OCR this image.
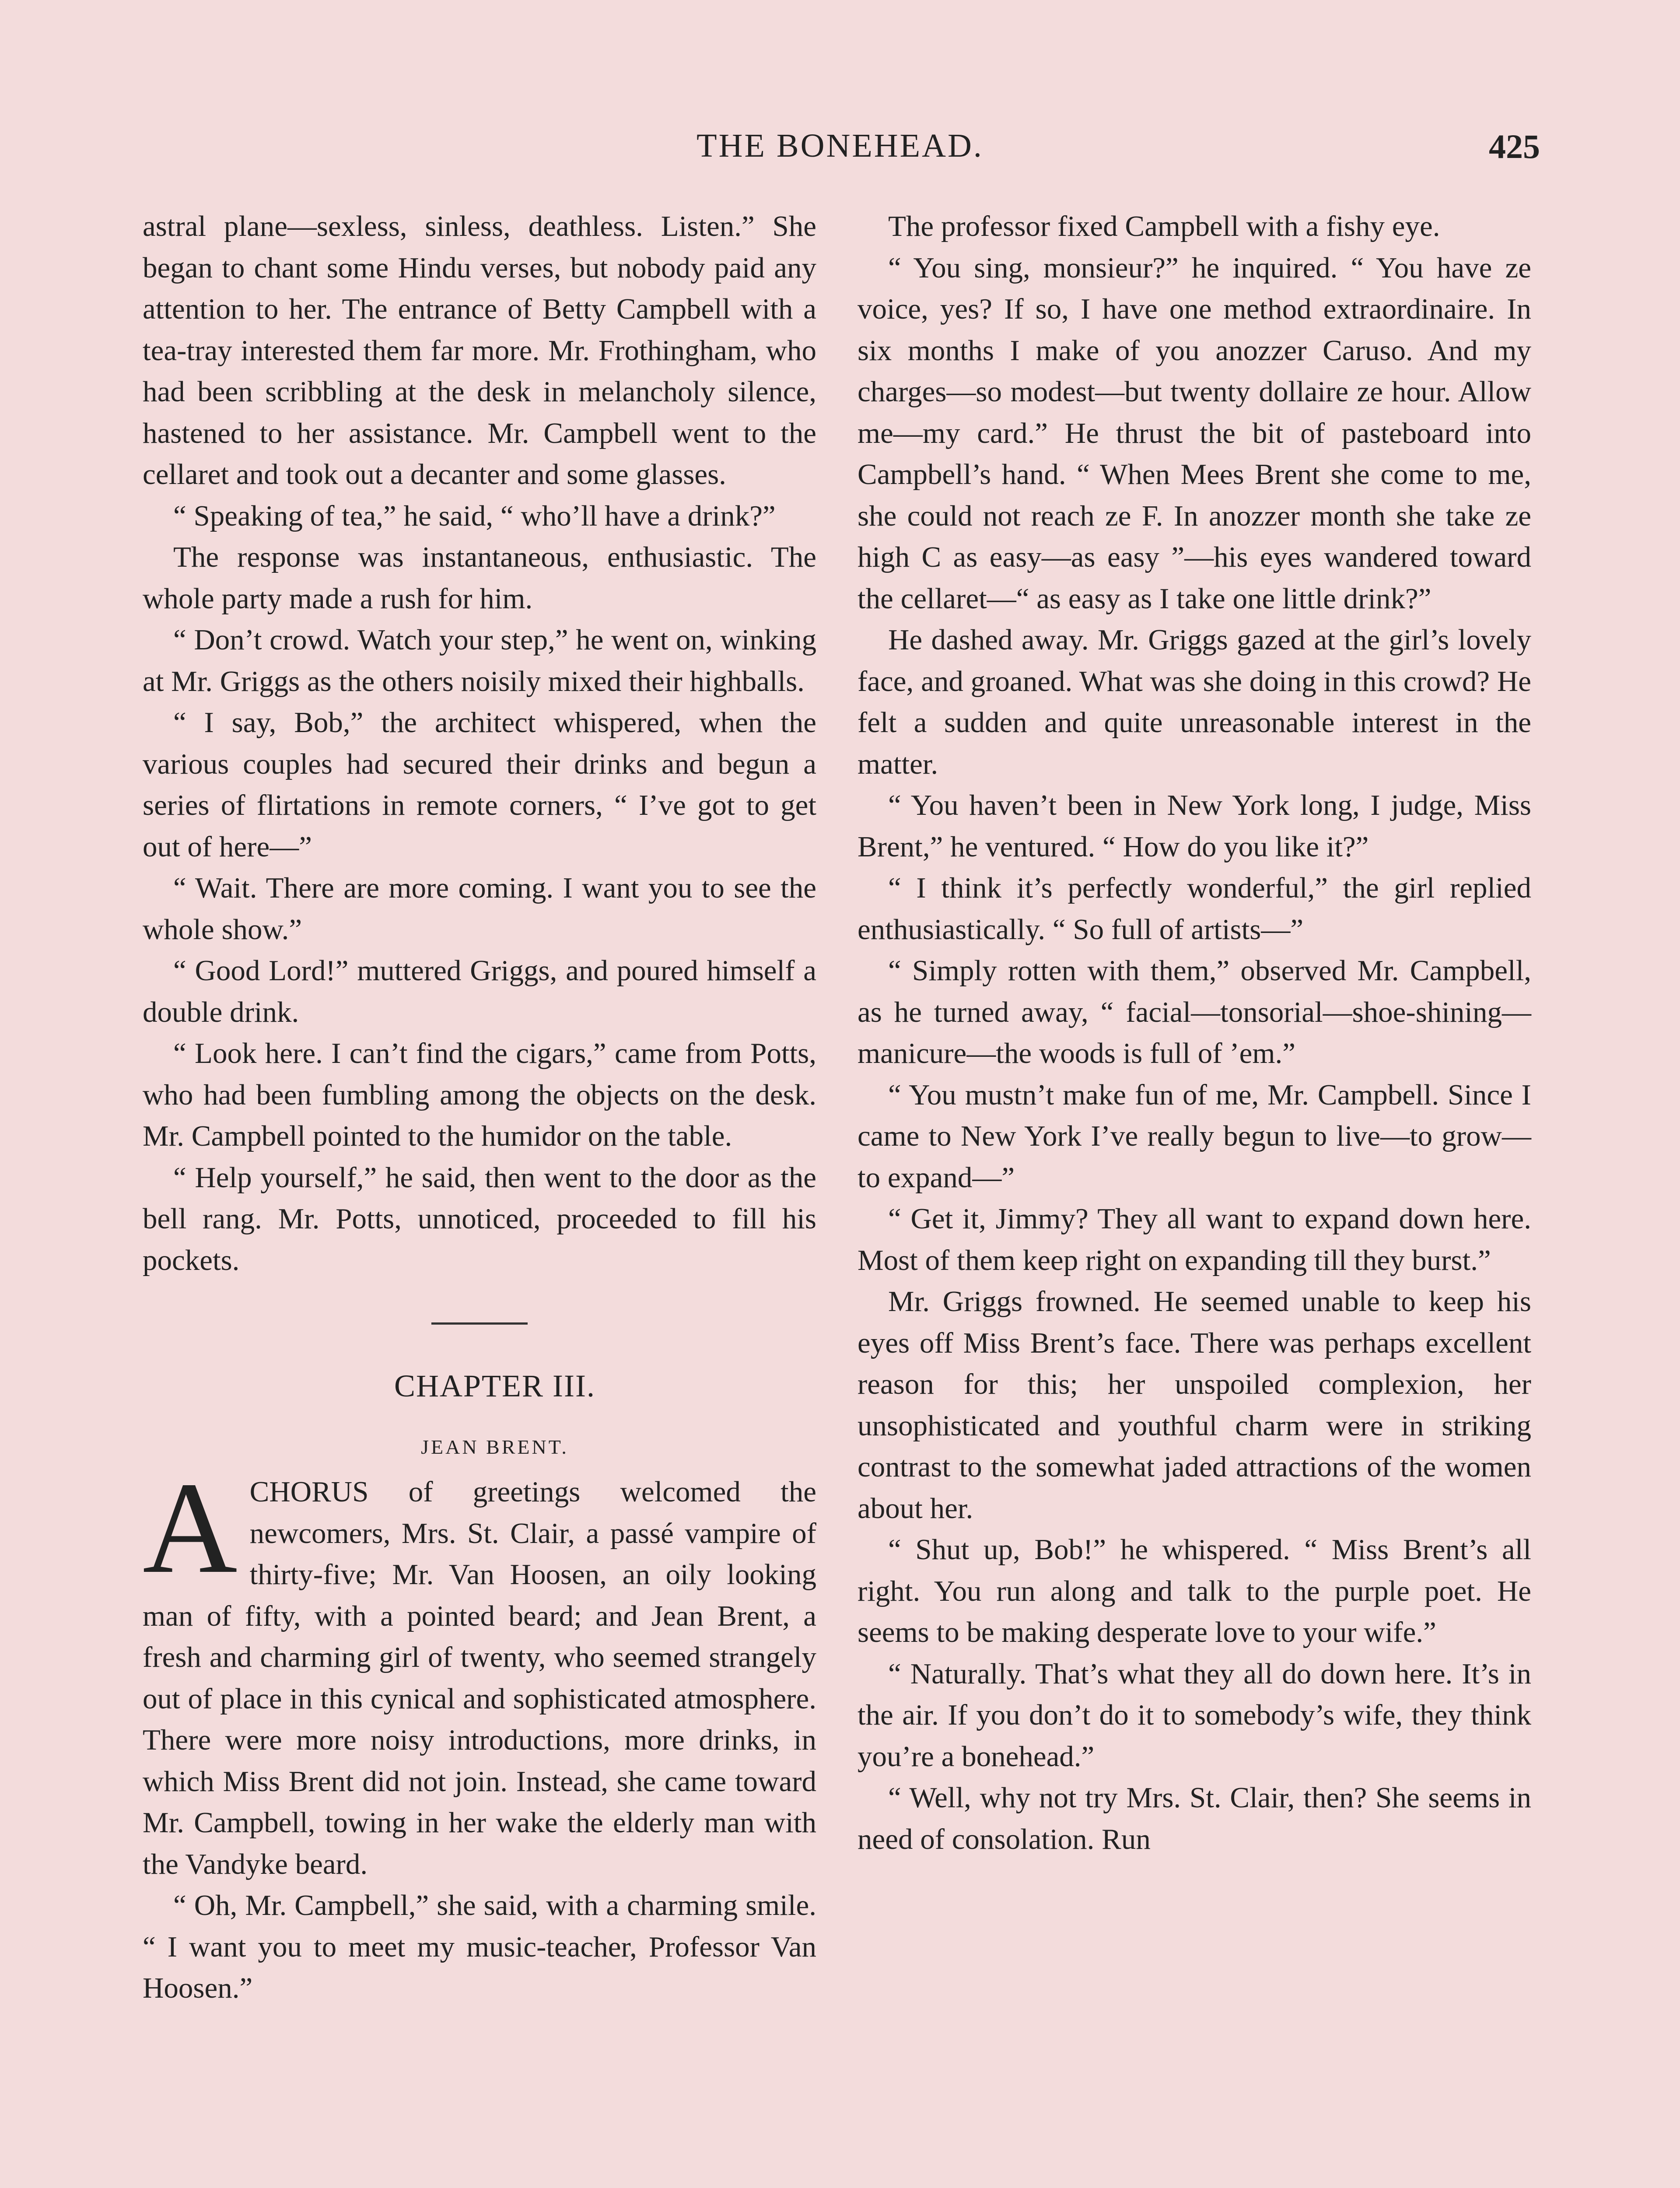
THE BONEHEAD.	425

astral plane—sexless, sinless, deathless. Listen.” She began to chant some Hindu verses, but nobody paid any attention to her. The entrance of Betty Campbell with a tea-tray interested them far more. Mr. Frothingham, who had been scribbling at the desk in melancholy silence, hastened to her assistance. Mr. Campbell went to the cellaret and took out a decanter and some glasses.

“ Speaking of tea,” he said, “ who’ll have a drink?”

The response was instantaneous, enthusiastic. The whole party made a rush for him.

“ Don’t crowd. Watch your step,” he went on, winking at Mr. Griggs as the others noisily mixed their highballs.

“ I say, Bob,” the architect whispered, when the various couples had secured their drinks and begun a series of flirtations in remote corners, “ I’ve got to get out of here—”

“ Wait. There are more coming. I want you to see the whole show.”

“ Good Lord!” muttered Griggs, and poured himself a double drink.

“ Look here. I can’t find the cigars,” came from Potts, who had been fumbling among the objects on the desk. Mr. Campbell pointed to the humidor on the table.

“ Help yourself,” he said, then went to the door as the bell rang. Mr. Potts, unnoticed, proceeded to fill his pockets.

CHAPTER III.

JEAN BRENT.

ACHORUS of greetings welcomed the newcomers, Mrs. St. Clair, a passé vampire of thirty-five; Mr. Van Hoosen, an oily looking man of fifty, with a pointed beard; and Jean Brent, a fresh and charming girl of twenty, who seemed strangely out of place in this cynical and sophisticated atmosphere. There were more noisy introductions, more drinks, in which Miss Brent did not join. Instead, she came toward Mr. Campbell, towing in her wake the elderly man with the Vandyke beard.

“ Oh, Mr. Campbell,” she said, with a charming smile. “ I want you to meet my music-teacher, Professor Van Hoosen.”

The professor fixed Campbell with a fishy eye.

“ You sing, monsieur?” he inquired. “ You have ze voice, yes? If so, I have one method extraordinaire. In six months I make of you anozzer Caruso. And my charges—so modest—but twenty dollaire ze hour. Allow me—my card.” He thrust the bit of pasteboard into Campbell’s hand. “ When Mees Brent she come to me, she could not reach ze F. In anozzer month she take ze high C as easy—as easy ”—his eyes wandered toward the cellaret—“ as easy as I take one little drink?”

He dashed away. Mr. Griggs gazed at the girl’s lovely face, and groaned. What was she doing in this crowd? He felt a sudden and quite unreasonable interest in the matter.

“ You haven’t been in New York long, I judge, Miss Brent,” he ventured. “ How do you like it?”

“ I think it’s perfectly wonderful,” the girl replied enthusiastically. “ So full of artists—”

“ Simply rotten with them,” observed Mr. Campbell, as he turned away, “ facial—tonsorial—shoe-shining—manicure—the woods is full of ’em.”

“ You mustn’t make fun of me, Mr. Campbell. Since I came to New York I’ve really begun to live—to grow—to expand—”

“ Get it, Jimmy? They all want to expand down here. Most of them keep right on expanding till they burst.”

Mr. Griggs frowned. He seemed unable to keep his eyes off Miss Brent’s face. There was perhaps excellent reason for this; her unspoiled complexion, her unsophisticated and youthful charm were in striking contrast to the somewhat jaded attractions of the women about her.

“ Shut up, Bob!” he whispered. “ Miss Brent’s all right. You run along and talk to the purple poet. He seems to be making desperate love to your wife.”

“ Naturally. That’s what they all do down here. It’s in the air. If you don’t do it to somebody’s wife, they think you’re a bonehead.”

“ Well, why not try Mrs. St. Clair, then? She seems in need of consolation. Run
